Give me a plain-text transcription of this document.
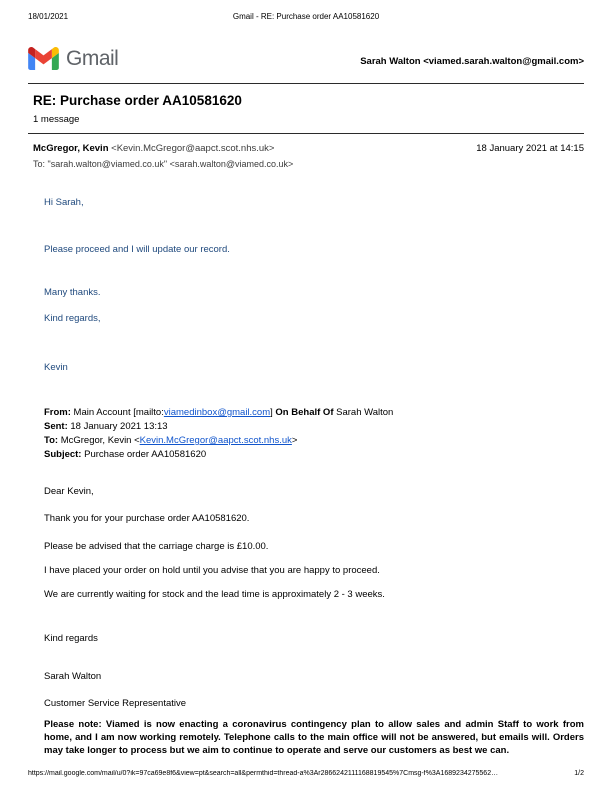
18/01/2021	Gmail - RE: Purchase order AA10581620
Gmail	Sarah Walton <viamed.sarah.walton@gmail.com>
RE: Purchase order AA10581620
1 message
McGregor, Kevin <Kevin.McGregor@aapct.scot.nhs.uk>	18 January 2021 at 14:15
To: "sarah.walton@viamed.co.uk" <sarah.walton@viamed.co.uk>

Hi Sarah,

Please proceed and I will update our record.

Many thanks.

Kind regards,

Kevin

From: Main Account [mailto:viamedinbox@gmail.com] On Behalf Of Sarah Walton
Sent: 18 January 2021 13:13
To: McGregor, Kevin <Kevin.McGregor@aapct.scot.nhs.uk>
Subject: Purchase order AA10581620

Dear Kevin,

Thank you for your purchase order AA10581620.

Please be advised that the carriage charge is £10.00.

I have placed your order on hold until you advise that you are happy to proceed.

We are currently waiting for stock and the lead time is approximately 2 - 3 weeks.

Kind regards

Sarah Walton

Customer Service Representative

Please note: Viamed is now enacting a coronavirus contingency plan to allow sales and admin Staff to work from home, and I am now working remotely. Telephone calls to the main office will not be answered, but emails will. Orders may take longer to process but we aim to continue to operate and serve our customers as best we can.

https://mail.google.com/mail/u/0?ik=97ca69e8f6&view=pt&search=all&permthid=thread-a%3Ar2866242111168819545%7Cmsg-f%3A1689234275562…	1/2
